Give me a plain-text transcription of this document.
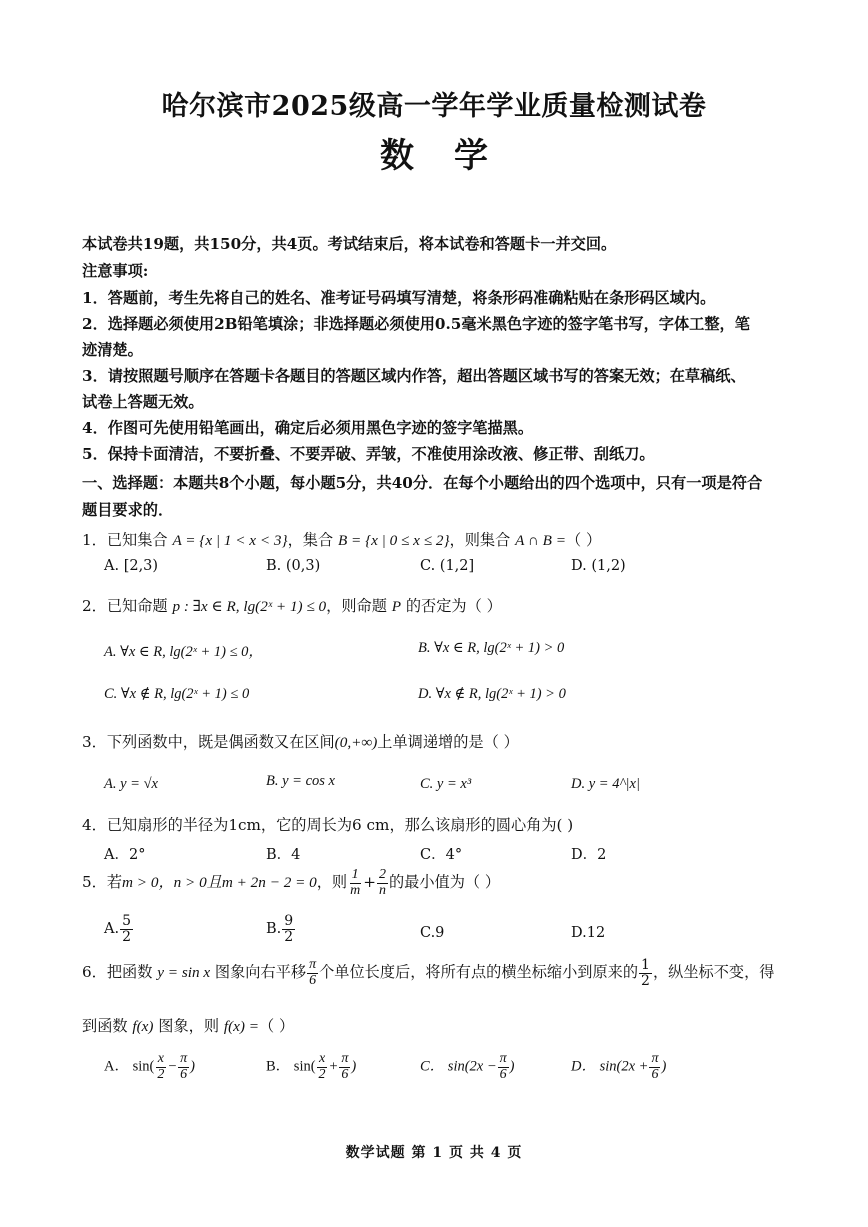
哈尔滨市2025级高一学年学业质量检测试卷
数学
本试卷共19题，共150分，共4页。考试结束后，将本试卷和答题卡一并交回。
注意事项:
1．答题前，考生先将自己的姓名、准考证号码填写清楚，将条形码准确粘贴在条形码区域内。
2．选择题必须使用2B铅笔填涂；非选择题必须使用0.5毫米黑色字迹的签字笔书写，字体工整，笔
迹清楚。
3．请按照题号顺序在答题卡各题目的答题区域内作答，超出答题区域书写的答案无效；在草稿纸、
试卷上答题无效。
4．作图可先使用铅笔画出，确定后必须用黑色字迹的签字笔描黑。
5．保持卡面清洁，不要折叠、不要弄破、弄皱，不准使用涂改液、修正带、刮纸刀。
一、选择题：本题共8个小题，每小题5分，共40分．在每个小题给出的四个选项中，只有一项是符合
题目要求的．
1．已知集合 A = {x | 1 < x < 3}，集合 B = {x | 0 ≤ x ≤ 2}，则集合 A ∩ B =（ ）
A. [2,3)	B. (0,3)	C. (1,2]	D. (1,2)
2．已知命题 p : ∃x ∈ R, lg(2ˣ + 1) ≤ 0，则命题 P 的否定为（ ）
A. ∀x ∈ R, lg(2ˣ + 1) ≤ 0，	B. ∀x ∈ R, lg(2ˣ + 1) > 0
C. ∀x ∉ R, lg(2ˣ + 1) ≤ 0	D. ∀x ∉ R, lg(2ˣ + 1) > 0
3．下列函数中，既是偶函数又在区间(0,+∞)上单调递增的是（ ）
A. y = √x	B. y = cos x	C. y = x³	D. y = 4^|x|
4．已知扇形的半径为1cm，它的周长为6 cm，那么该扇形的圆心角为( )
A．2°	B．4	C．4°	D．2
5．若m > 0，n > 0且m + 2n − 2 = 0，则 $\frac{1}{m} + \frac{2}{n}$ 的最小值为（ ）
A. $\frac{5}{2}$	B. $\frac{9}{2}$	C.9	D.12
6．把函数 y = sin x 图象向右平移 $\frac{\pi}{6}$ 个单位长度后，将所有点的横坐标缩小到原来的 $\frac{1}{2}$ ，纵坐标不变，得
到函数 f(x) 图象，则 f(x) =（ ）
A． $\sin( \frac{x}{2} - \frac{\pi}{6}$ )	B． $\sin( \frac{x}{2} + \frac{\pi}{6}$ )	C． $\sin(2x - \frac{\pi}{6}$ )	D． $\sin(2x + \frac{\pi}{6}$ )
数学试题 第 1 页 共 4 页
